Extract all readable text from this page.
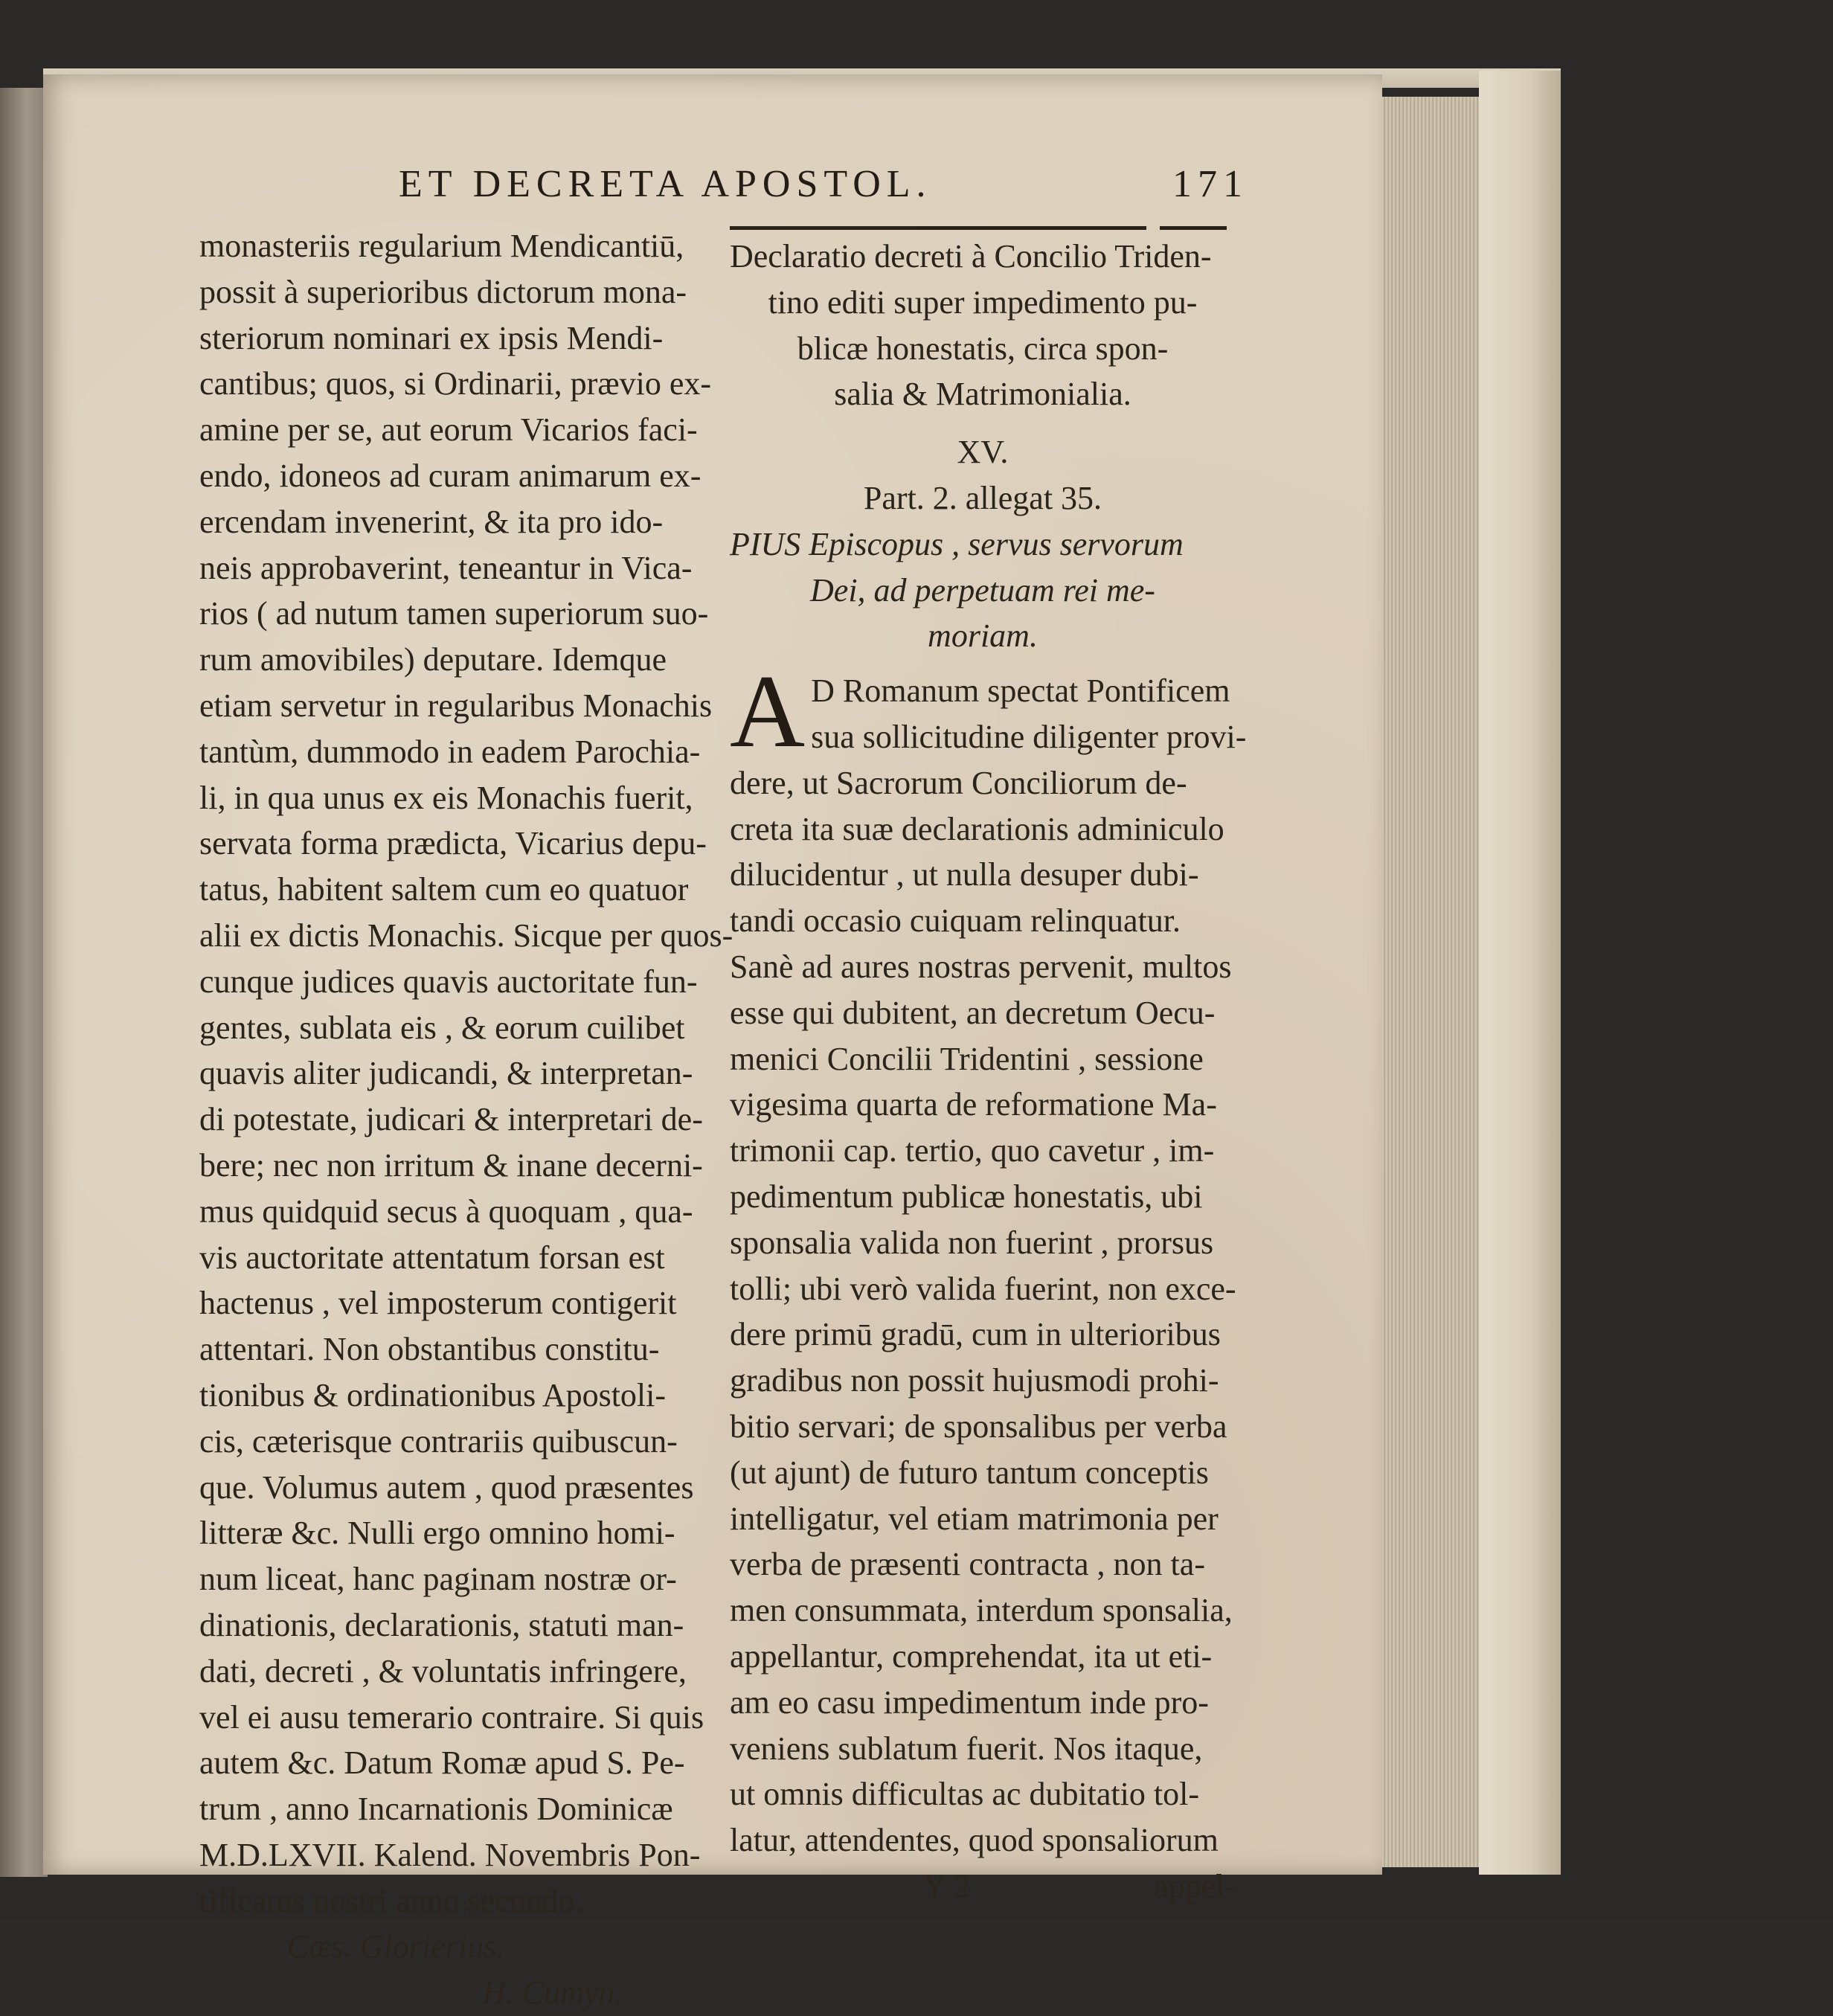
ET DECRETA APOSTOL.	171
monasteriis regularium Mendicantiū,
possit à superioribus dictorum mona-
steriorum nominari ex ipsis Mendi-
cantibus; quos, si Ordinarii, prævio ex-
amine per se, aut eorum Vicarios faci-
endo, idoneos ad curam animarum ex-
ercendam invenerint, & ita pro ido-
neis approbaverint, teneantur in Vica-
rios ( ad nutum tamen superiorum suo-
rum amovibiles) deputare. Idemque
etiam servetur in regularibus Monachis
tantùm, dummodo in eadem Parochia-
li, in qua unus ex eis Monachis fuerit,
servata forma prædicta, Vicarius depu-
tatus, habitent saltem cum eo quatuor
alii ex dictis Monachis. Sicque per quos-
cunque judices quavis auctoritate fun-
gentes, sublata eis , & eorum cuilibet
quavis aliter judicandi, & interpretan-
di potestate, judicari & interpretari de-
bere; nec non irritum & inane decerni-
mus quidquid secus à quoquam , qua-
vis auctoritate attentatum forsan est
hactenus , vel imposterum contigerit
attentari. Non obstantibus constitu-
tionibus & ordinationibus Apostoli-
cis, cæterisque contrariis quibuscun-
que. Volumus autem , quod præsentes
litteræ &c. Nulli ergo omnino homi-
num liceat, hanc paginam nostræ or-
dinationis, declarationis, statuti man-
dati, decreti , & voluntatis infringere,
vel ei ausu temerario contraire. Si quis
autem &c. Datum Romæ apud S. Pe-
trum , anno Incarnationis Dominicæ
M.D.LXVII. Kalend. Novembris Pon-
tificatus nostri anno secundo.
Cæs. Glorierius.
H. Cumyn.
Declaratio decreti à Concilio Triden-
tino editi super impedimento pu-
blicæ honestatis, circa spon-
salia & Matrimonialia.
XV.
Part. 2. allegat 35.
PIUS Episcopus , servus servorum
Dei, ad perpetuam rei me-
moriam.
A D Romanum spectat Pontificem
sua sollicitudine diligenter provi-
dere, ut Sacrorum Conciliorum de-
creta ita suæ declarationis adminiculo
dilucidentur , ut nulla desuper dubi-
tandi occasio cuiquam relinquatur.
Sanè ad aures nostras pervenit, multos
esse qui dubitent, an decretum Oecu-
menici Concilii Tridentini , sessione
vigesima quarta de reformatione Ma-
trimonii cap. tertio, quo cavetur , im-
pedimentum publicæ honestatis, ubi
sponsalia valida non fuerint , prorsus
tolli; ubi verò valida fuerint, non exce-
dere primū gradū, cum in ulterioribus
gradibus non possit hujusmodi prohi-
bitio servari; de sponsalibus per verba
(ut ajunt) de futuro tantum conceptis
intelligatur, vel etiam matrimonia per
verba de præsenti contracta , non ta-
men consummata, interdum sponsalia,
appellantur, comprehendat, ita ut eti-
am eo casu impedimentum inde pro-
veniens sublatum fuerit. Nos itaque,
ut omnis difficultas ac dubitatio tol-
latur, attendentes, quod sponsaliorum
Y 2	appel-
